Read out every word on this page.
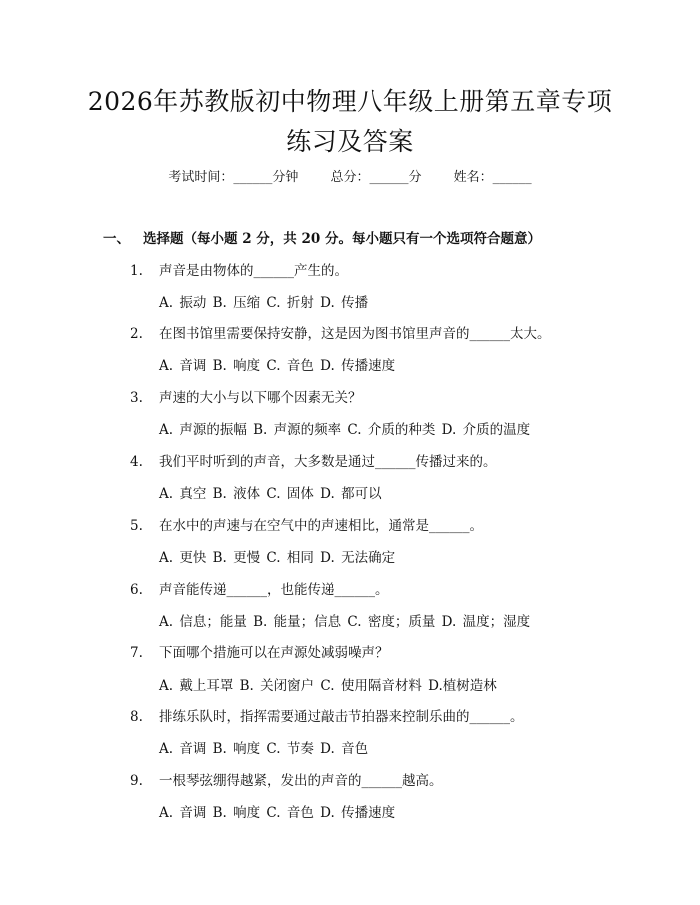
2026年苏教版初中物理八年级上册第五章专项练习及答案
考试时间：______分钟 总分：______分 姓名：______
一、 选择题（每小题 2 分，共 20 分。每小题只有一个选项符合题意）
1. 声音是由物体的______产生的。
A. 振动 B. 压缩 C. 折射 D. 传播
2. 在图书馆里需要保持安静，这是因为图书馆里声音的______太大。
A. 音调 B. 响度 C. 音色 D. 传播速度
3. 声速的大小与以下哪个因素无关？
A. 声源的振幅 B. 声源的频率 C. 介质的种类 D. 介质的温度
4. 我们平时听到的声音，大多数是通过______传播过来的。
A. 真空 B. 液体 C. 固体 D. 都可以
5. 在水中的声速与在空气中的声速相比，通常是______。
A. 更快 B. 更慢 C. 相同 D. 无法确定
6. 声音能传递______，也能传递______。
A. 信息；能量 B. 能量；信息 C. 密度；质量 D. 温度；湿度
7. 下面哪个措施可以在声源处减弱噪声？
A. 戴上耳罩 B. 关闭窗户 C. 使用隔音材料 D.植树造林
8. 排练乐队时，指挥需要通过敲击节拍器来控制乐曲的______。
A. 音调 B. 响度 C. 节奏 D. 音色
9. 一根琴弦绷得越紧，发出的声音的______越高。
A. 音调 B. 响度 C. 音色 D. 传播速度
